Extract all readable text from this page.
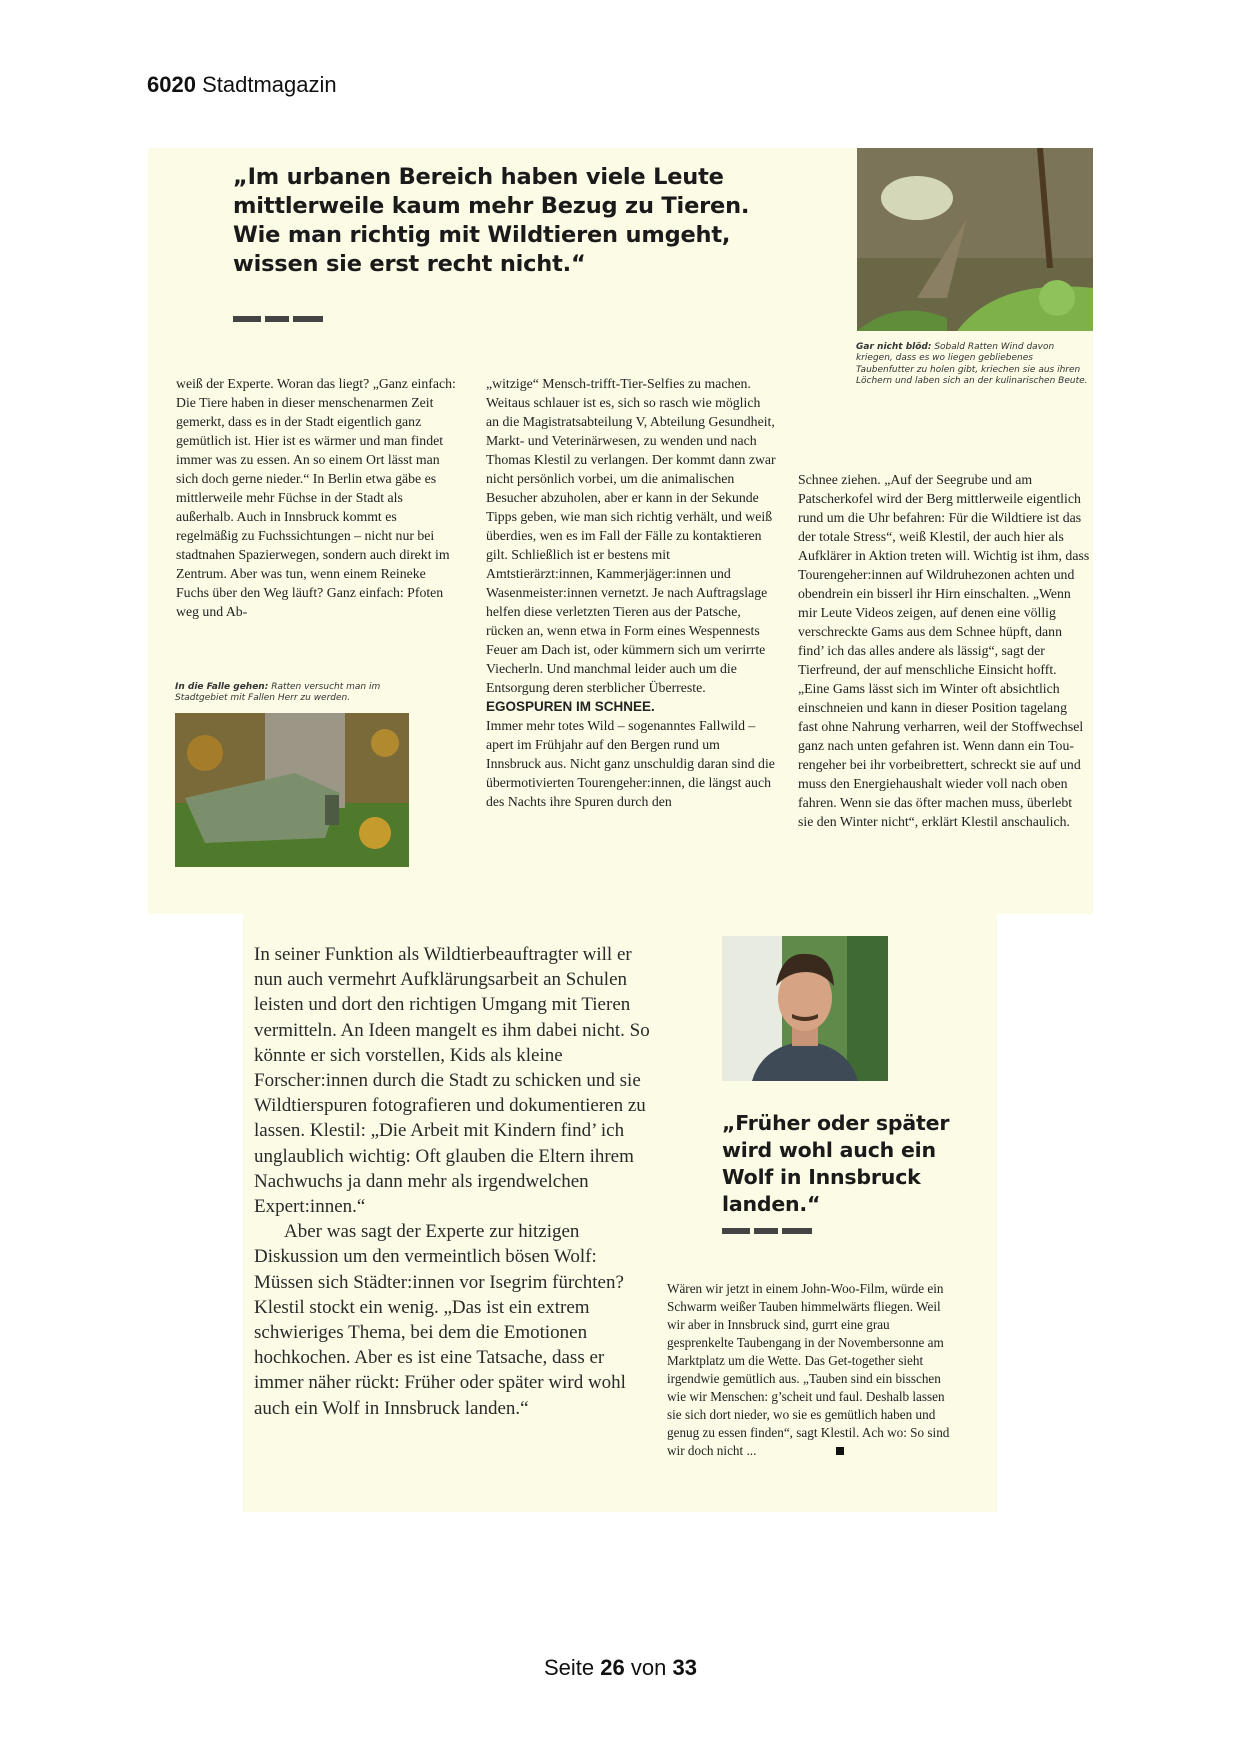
6020 Stadtmagazin
„Im urbanen Bereich haben viele Leute mittlerweile kaum mehr Bezug zu Tieren. Wie man richtig mit Wildtieren umgeht, wissen sie erst recht nicht.“
Gar nicht blöd: Sobald Ratten Wind davon kriegen, dass es wo liegen gebliebenes Taubenfutter zu holen gibt, kriechen sie aus ihren Löchern und laben sich an der kulinarischen Beute.

weiß der Experte. Woran das liegt? „Ganz einfach: Die Tiere haben in dieser menschenarmen Zeit gemerkt, dass es in der Stadt eigentlich ganz gemütlich ist. Hier ist es wärmer und man findet immer was zu essen. An so einem Ort lässt man sich doch gerne nieder.“ In Berlin etwa gäbe es mittlerweile mehr Füchse in der Stadt als außerhalb. Auch in Innsbruck kommt es regelmäßig zu Fuchssichtungen – nicht nur bei stadtnahen Spazierwegen, sondern auch direkt im Zentrum. Aber was tun, wenn einem Reineke Fuchs über den Weg läuft? Ganz einfach: Pfoten weg und Ab-

In die Falle gehen: Ratten versucht man im Stadtgebiet mit Fallen Herr zu werden.

„witzige“ Mensch-trifft-Tier-Selfies zu machen. Weitaus schlauer ist es, sich so rasch wie möglich an die Magistratsabteilung V, Abteilung Gesundheit, Markt- und Veterinärwesen, zu wenden und nach Thomas Klestil zu verlangen. Der kommt dann zwar nicht persönlich vorbei, um die animalischen Besucher abzuholen, aber er kann in der Sekunde Tipps geben, wie man sich richtig verhält, und weiß überdies, wen es im Fall der Fälle zu kontaktieren gilt. Schließlich ist er bestens mit Amtstierärzt:innen, Kammerjäger:innen und Wasenmeister:innen vernetzt. Je nach Auftragslage helfen diese verletzten Tieren aus der Patsche, rücken an, wenn etwa in Form eines Wespennests Feuer am Dach ist, oder kümmern sich um verirrte Viecherln. Und manchmal leider auch um die Entsorgung deren sterblicher Überreste.

EGOSPUREN IM SCHNEE.

Immer mehr totes Wild – sogenanntes Fallwild – apert im Frühjahr auf den Bergen rund um Innsbruck aus. Nicht ganz unschuldig daran sind die übermotivierten Tourengeher:innen, die längst auch des Nachts ihre Spuren durch den

Schnee ziehen. „Auf der Seegrube und am Patscherkofel wird der Berg mittlerweile eigentlich rund um die Uhr befahren: Für die Wildtiere ist das der totale Stress“, weiß Klestil, der auch hier als Aufklärer in Aktion treten will. Wichtig ist ihm, dass Tourengeher:innen auf Wildruhezonen achten und obendrein ein bisserl ihr Hirn einschalten. „Wenn mir Leute Videos zeigen, auf denen eine völlig verschreckte Gams aus dem Schnee hüpft, dann find’ ich das alles andere als lässig“, sagt der Tierfreund, der auf menschliche Einsicht hofft. „Eine Gams lässt sich im Winter oft absichtlich einschneien und kann in dieser Position tagelang fast ohne Nahrung verharren, weil der Stoffwechsel ganz nach unten gefahren ist. Wenn dann ein Tourengeher bei ihr vorbeibrettert, schreckt sie auf und muss den Energiehaushalt wieder voll nach oben fahren. Wenn sie das öfter machen muss, überlebt sie den Winter nicht“, erklärt Klestil anschaulich.

In seiner Funktion als Wildtierbeauftragter will er nun auch vermehrt Aufklärungsarbeit an Schulen leisten und dort den richtigen Umgang mit Tieren vermitteln. An Ideen mangelt es ihm dabei nicht. So könnte er sich vorstellen, Kids als kleine Forscher:innen durch die Stadt zu schicken und sie Wildtierspuren fotografieren und dokumentieren zu lassen. Klestil: „Die Arbeit mit Kindern find’ ich unglaublich wichtig: Oft glauben die Eltern ihrem Nachwuchs ja dann mehr als irgendwelchen Expert:innen.“

Aber was sagt der Experte zur hitzigen Diskussion um den vermeintlich bösen Wolf: Müssen sich Städter:innen vor Isegrim fürchten? Klestil stockt ein wenig. „Das ist ein extrem schwieriges Thema, bei dem die Emotionen hochkochen. Aber es ist eine Tatsache, dass er immer näher rückt: Früher oder später wird wohl auch ein Wolf in Innsbruck landen.“

„Früher oder später wird wohl auch ein Wolf in Innsbruck landen.“

Wären wir jetzt in einem John-Woo-Film, würde ein Schwarm weißer Tauben himmelwärts fliegen. Weil wir aber in Innsbruck sind, gurrt eine grau gesprenkelte Taubengang in der Novembersonne am Marktplatz um die Wette. Das Get-together sieht irgendwie gemütlich aus. „Tauben sind ein bisschen wie wir Menschen: g’scheit und faul. Deshalb lassen sie sich dort nieder, wo sie es gemütlich haben und genug zu essen finden“, sagt Klestil. Ach wo: So sind wir doch nicht ...

Seite 26 von 33
